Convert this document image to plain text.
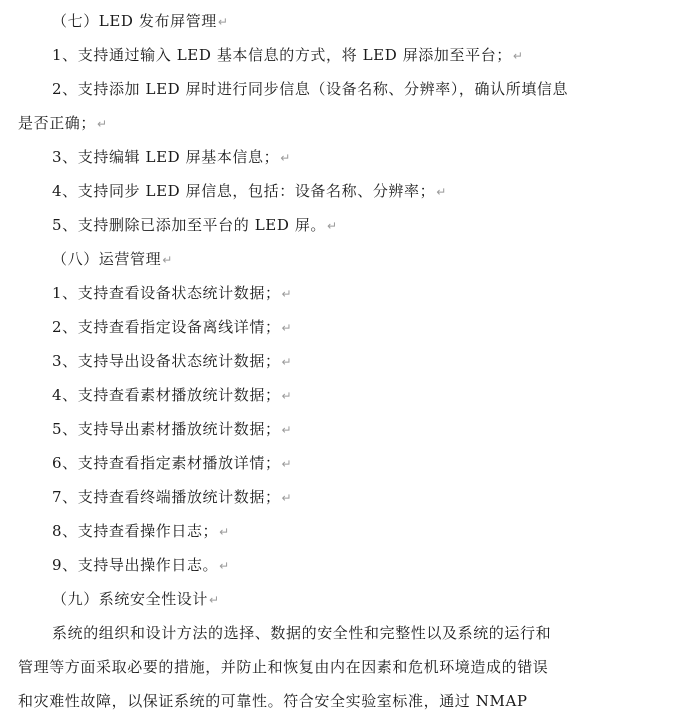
（七）LED 发布屏管理↵
1、支持通过输入 LED 基本信息的方式，将 LED 屏添加至平台；↵
2、支持添加 LED 屏时进行同步信息（设备名称、分辨率），确认所填信息
是否正确；↵
3、支持编辑 LED 屏基本信息；↵
4、支持同步 LED 屏信息，包括：设备名称、分辨率；↵
5、支持删除已添加至平台的 LED 屏。↵
（八）运营管理↵
1、支持查看设备状态统计数据；↵
2、支持查看指定设备离线详情；↵
3、支持导出设备状态统计数据；↵
4、支持查看素材播放统计数据；↵
5、支持导出素材播放统计数据；↵
6、支持查看指定素材播放详情；↵
7、支持查看终端播放统计数据；↵
8、支持查看操作日志；↵
9、支持导出操作日志。↵
（九）系统安全性设计↵
系统的组织和设计方法的选择、数据的安全性和完整性以及系统的运行和
管理等方面采取必要的措施，并防止和恢复由内在因素和危机环境造成的错误
和灾难性故障，以保证系统的可靠性。符合安全实验室标准，通过 NMAP
